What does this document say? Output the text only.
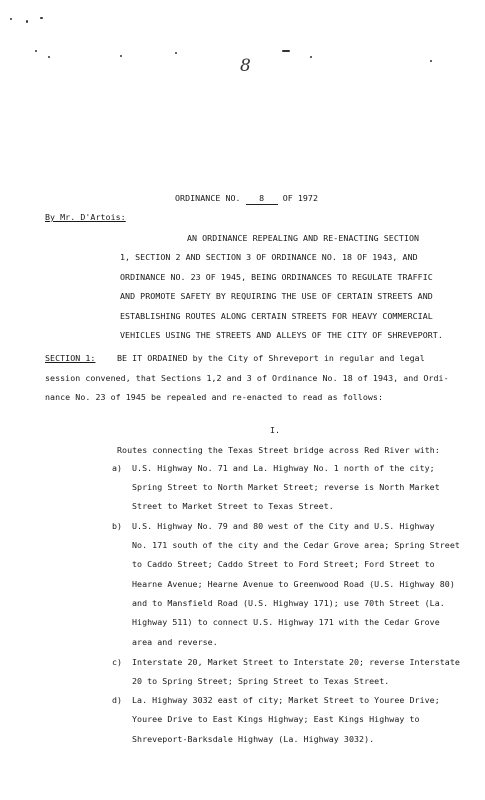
8
ORDINANCE NO. 8 OF 1972
By Mr. D'Artois:
AN ORDINANCE REPEALING AND RE-ENACTING SECTION
1, SECTION 2 AND SECTION 3 OF ORDINANCE NO. 18 OF 1943, AND
ORDINANCE NO. 23 OF 1945, BEING ORDINANCES TO REGULATE TRAFFIC
AND PROMOTE SAFETY BY REQUIRING THE USE OF CERTAIN STREETS AND
ESTABLISHING ROUTES ALONG CERTAIN STREETS FOR HEAVY COMMERCIAL
VEHICLES USING THE STREETS AND ALLEYS OF THE CITY OF SHREVEPORT.
SECTION 1:	BE IT ORDAINED by the City of Shreveport in regular and legal
session convened, that Sections 1,2 and 3 of Ordinance No. 18 of 1943, and Ordi-
nance No. 23 of 1945 be repealed and re-enacted to read as follows:
I.
Routes connecting the Texas Street bridge across Red River with:
a) U.S. Highway No. 71 and La. Highway No. 1 north of the city;
Spring Street to North Market Street; reverse is North Market
Street to Market Street to Texas Street.
b) U.S. Highway No. 79 and 80 west of the City and U.S. Highway
No. 171 south of the city and the Cedar Grove area; Spring Street
to Caddo Street; Caddo Street to Ford Street; Ford Street to
Hearne Avenue; Hearne Avenue to Greenwood Road (U.S. Highway 80)
and to Mansfield Road (U.S. Highway 171); use 70th Street (La.
Highway 511) to connect U.S. Highway 171 with the Cedar Grove
area and reverse.
c) Interstate 20, Market Street to Interstate 20; reverse Interstate
20 to Spring Street; Spring Street to Texas Street.
d) La. Highway 3032 east of city; Market Street to Youree Drive;
Youree Drive to East Kings Highway; East Kings Highway to
Shreveport-Barksdale Highway (La. Highway 3032).
